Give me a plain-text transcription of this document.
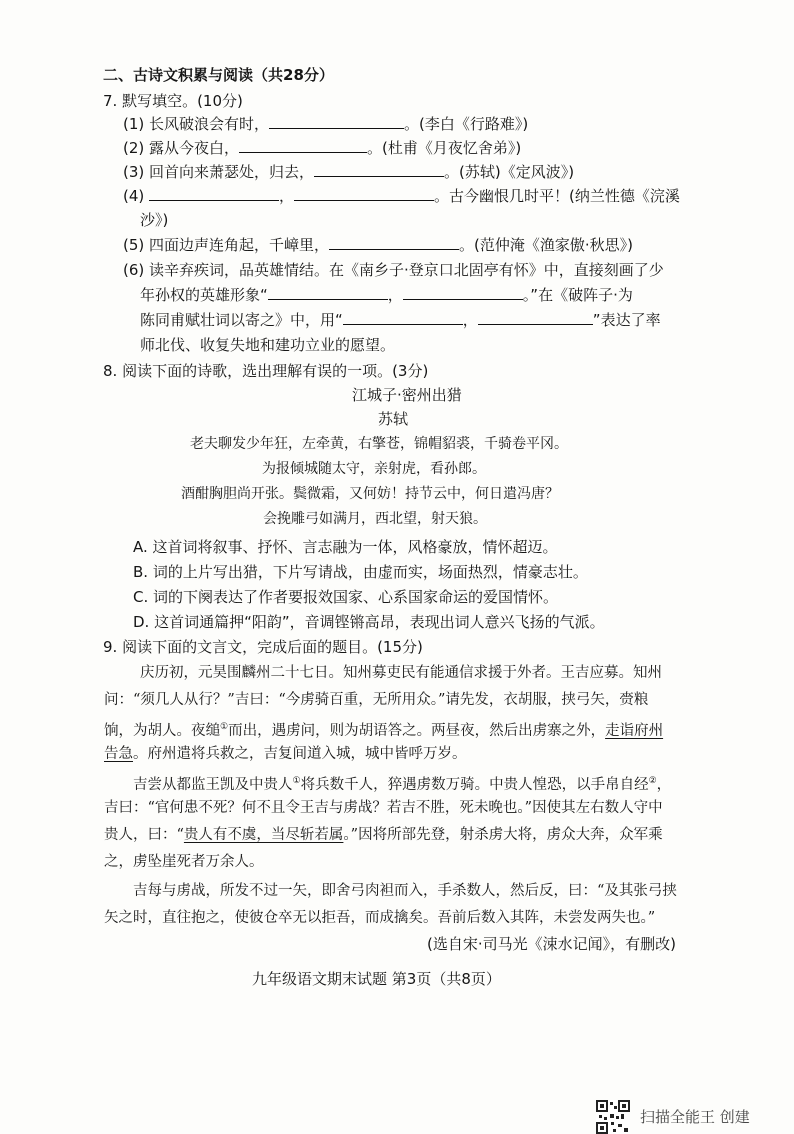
二、古诗文积累与阅读（共28分）
7. 默写填空。(10分)
(1) 长风破浪会有时，	。(李白《行路难》)
(2) 露从今夜白，	。(杜甫《月夜忆舍弟》)
(3) 回首向来萧瑟处，归去，	。(苏轼)《定风波》)
(4)	，	。古今幽恨几时平！(纳兰性德《浣溪
沙》)
(5) 四面边声连角起，千嶂里，	。(范仲淹《渔家傲·秋思》)
(6) 读辛弃疾词，品英雄情结。在《南乡子·登京口北固亭有怀》中，直接刻画了少
年孙权的英雄形象“	，	。”在《破阵子·为
陈同甫赋壮词以寄之》中，用“	，	”表达了率
师北伐、收复失地和建功立业的愿望。
8. 阅读下面的诗歌，选出理解有误的一项。(3分)
江城子·密州出猎
苏轼
老夫聊发少年狂，左牵黄，右擎苍，锦帽貂裘，千骑卷平冈。
为报倾城随太守，亲射虎，看孙郎。
酒酣胸胆尚开张。鬓微霜，又何妨！持节云中，何日遣冯唐？
会挽雕弓如满月，西北望，射天狼。
A. 这首词将叙事、抒怀、言志融为一体，风格豪放，情怀超迈。
B. 词的上片写出猎，下片写请战，由虚而实，场面热烈，情豪志壮。
C. 词的下阕表达了作者要报效国家、心系国家命运的爱国情怀。
D. 这首词通篇押“阳韵”，音调铿锵高昂，表现出词人意兴飞扬的气派。
9. 阅读下面的文言文，完成后面的题目。(15分)
庆历初，元昊围麟州二十七日。知州募吏民有能通信求援于外者。王吉应募。知州
问：“须几人从行？”吉曰：“今虏骑百重，无所用众。”请先发，衣胡服，挟弓矢，赍粮
饷，为胡人。夜缒①而出，遇虏问，则为胡语答之。两昼夜，然后出虏寨之外，走诣府州
告急。府州遣将兵救之，吉复间道入城，城中皆呼万岁。
吉尝从都监王凯及中贵人①将兵数千人，猝遇虏数万骑。中贵人惶恐，以手帛自经②，
吉曰：“官何患不死？何不且令王吉与虏战？若吉不胜，死未晚也。”因使其左右数人守中
贵人，曰：“贵人有不虞，当尽斩若属。”因将所部先登，射杀虏大将，虏众大奔，众军乘
之，虏坠崖死者万余人。
吉每与虏战，所发不过一矢，即舍弓肉袒而入，手杀数人，然后反，曰：“及其张弓挟
矢之时，直往抱之，使彼仓卒无以拒吾，而成擒矣。吾前后数入其阵，未尝发两失也。”
(选自宋·司马光《涑水记闻》，有删改)
九年级语文期末试题 第3页（共8页）
扫描全能王 创建
